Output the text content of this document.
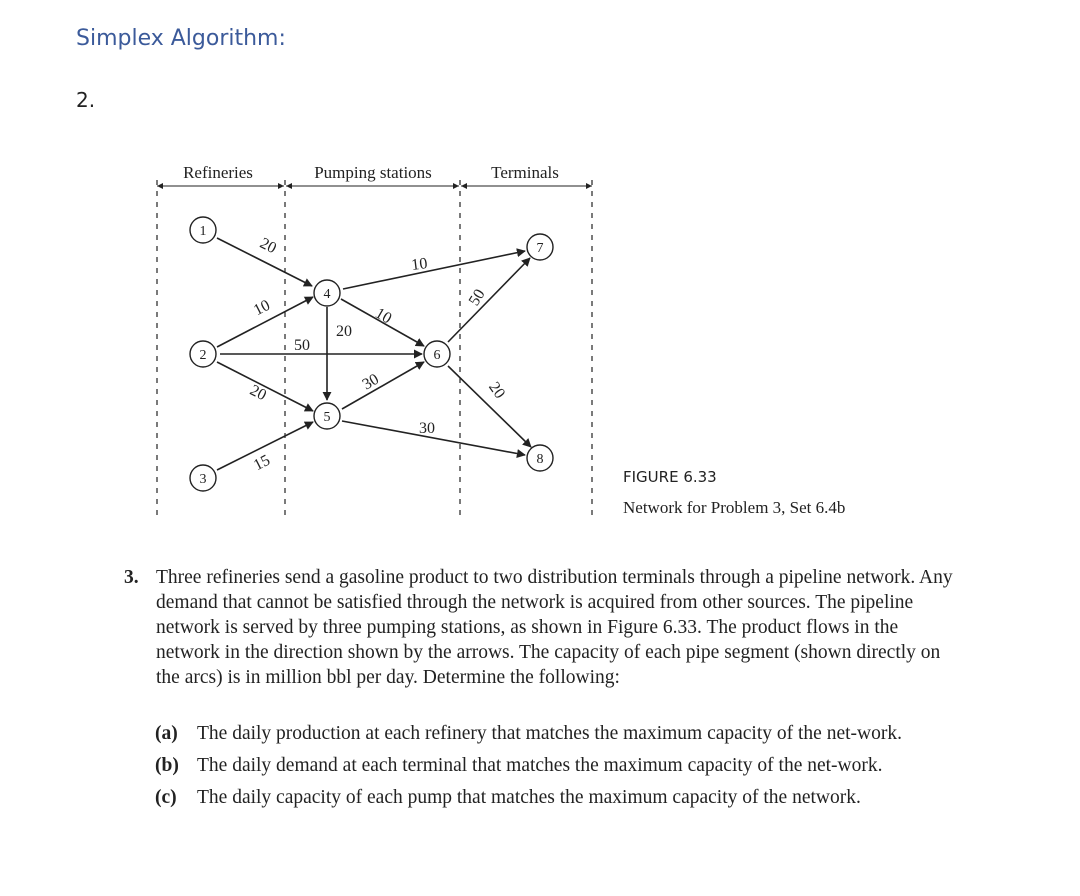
Simplex Algorithm:
2.
Refineries	Pumping stations	Terminals
20
10
50
20
15
20
10
10
30
30
50
20
1
2
3
4
5
6
7
8
FIGURE 6.33
Network for Problem 3, Set 6.4b
3. Three refineries send a gasoline product to two distribution terminals through a pipeline network. Any demand that cannot be satisfied through the network is acquired from other sources. The pipeline network is served by three pumping stations, as shown in Figure 6.33. The product flows in the network in the direction shown by the arrows. The capacity of each pipe segment (shown directly on the arcs) is in million bbl per day. Determine the following:
(a) The daily production at each refinery that matches the maximum capacity of the net-work.
(b) The daily demand at each terminal that matches the maximum capacity of the net-work.
(c) The daily capacity of each pump that matches the maximum capacity of the network.
